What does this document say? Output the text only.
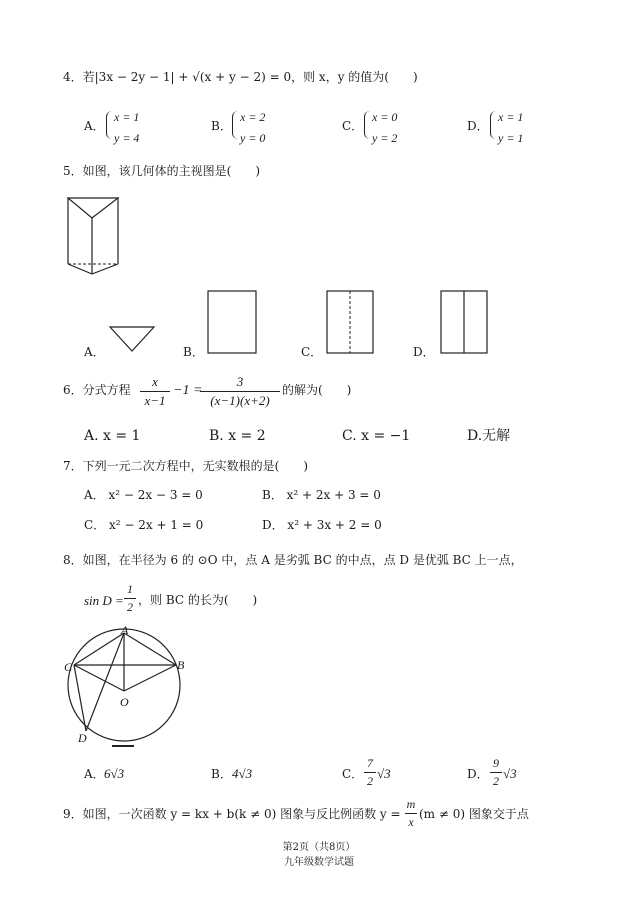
4．若|3x − 2y − 1| + √(x + y − 2) = 0，则 x，y 的值为(　　)
A．
x = 1
y = 4
B．
x = 2
y = 0
C．
x = 0
y = 2
D．
x = 1
y = 1
5．如图，该几何体的主视图是(　　)
A．	B．	C．	D．
6．分式方程
x
x−1
−1 =
3
(x−1)(x+2)
的解为(　　)
A. x = 1	B. x = 2	C. x = −1	D.无解
7．下列一元二次方程中，无实数根的是(　　)
A． x² − 2x − 3 = 0	B． x² + 2x + 3 = 0
C． x² − 2x + 1 = 0	D． x² + 3x + 2 = 0
8．如图，在半径为 6 的 ⊙O 中，点 A 是劣弧 BC 的中点，点 D 是优弧 BC 上一点，
sin D =
1
2 ，则 BC 的长为(　　)
A
B
C
D
O
A． 6√3	B． 4√3	C．
7
2 √3	D．
9
2 √3
9．如图，一次函数 y = kx + b(k ≠ 0) 图象与反比例函数 y =
m
x
(m ≠ 0) 图象交于点
第2页（共8页）
九年级数学试题
